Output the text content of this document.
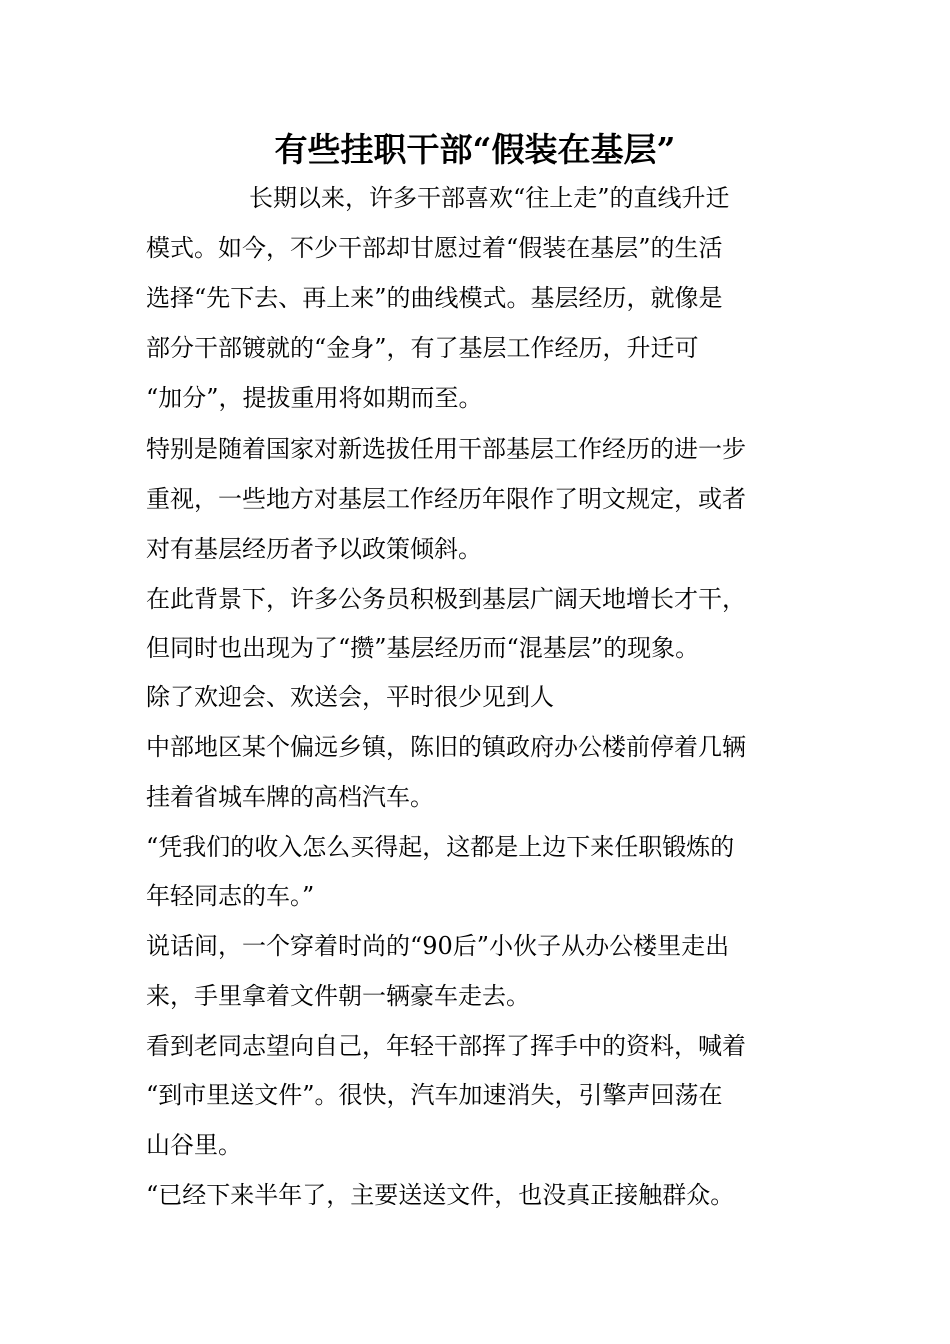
有些挂职干部“假装在基层”
长期以来，许多干部喜欢“往上走”的直线升迁
模式。如今，不少干部却甘愿过着“假装在基层”的生活
选择“先下去、再上来”的曲线模式。基层经历，就像是
部分干部镀就的“金身”，有了基层工作经历，升迁可
“加分”，提拔重用将如期而至。
特别是随着国家对新选拔任用干部基层工作经历的进一步
重视，一些地方对基层工作经历年限作了明文规定，或者
对有基层经历者予以政策倾斜。
在此背景下，许多公务员积极到基层广阔天地增长才干，
但同时也出现为了“攒”基层经历而“混基层”的现象。
除了欢迎会、欢送会，平时很少见到人
中部地区某个偏远乡镇，陈旧的镇政府办公楼前停着几辆
挂着省城车牌的高档汽车。
“凭我们的收入怎么买得起，这都是上边下来任职锻炼的
年轻同志的车。”
说话间，一个穿着时尚的“90后”小伙子从办公楼里走出
来，手里拿着文件朝一辆豪车走去。
看到老同志望向自己，年轻干部挥了挥手中的资料，喊着
“到市里送文件”。很快，汽车加速消失，引擎声回荡在
山谷里。
“已经下来半年了，主要送送文件，也没真正接触群众。
